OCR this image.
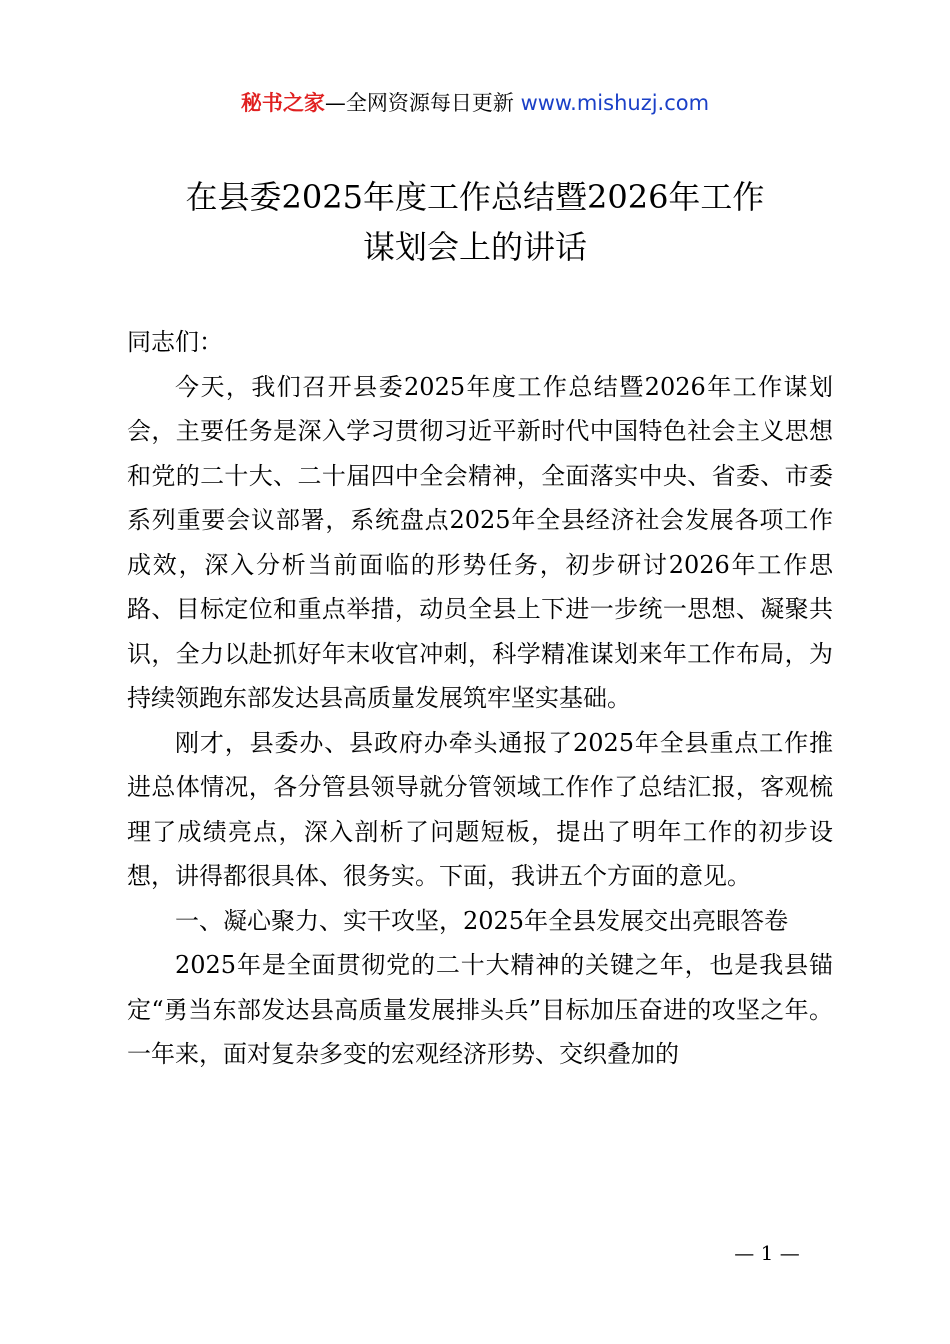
秘书之家—全网资源每日更新 www.mishuzj.com
在县委2025年度工作总结暨2026年工作
谋划会上的讲话

同志们：

今天，我们召开县委2025年度工作总结暨2026年工作谋划会，主要任务是深入学习贯彻习近平新时代中国特色社会主义思想和党的二十大、二十届四中全会精神，全面落实中央、省委、市委系列重要会议部署，系统盘点2025年全县经济社会发展各项工作成效，深入分析当前面临的形势任务，初步研讨2026年工作思路、目标定位和重点举措，动员全县上下进一步统一思想、凝聚共识，全力以赴抓好年末收官冲刺，科学精准谋划来年工作布局，为持续领跑东部发达县高质量发展筑牢坚实基础。

刚才，县委办、县政府办牵头通报了2025年全县重点工作推进总体情况，各分管县领导就分管领域工作作了总结汇报，客观梳理了成绩亮点，深入剖析了问题短板，提出了明年工作的初步设想，讲得都很具体、很务实。下面，我讲五个方面的意见。

一、凝心聚力、实干攻坚，2025年全县发展交出亮眼答卷

2025年是全面贯彻党的二十大精神的关键之年，也是我县锚定“勇当东部发达县高质量发展排头兵”目标加压奋进的攻坚之年。一年来，面对复杂多变的宏观经济形势、交织叠加的

— 1 —
